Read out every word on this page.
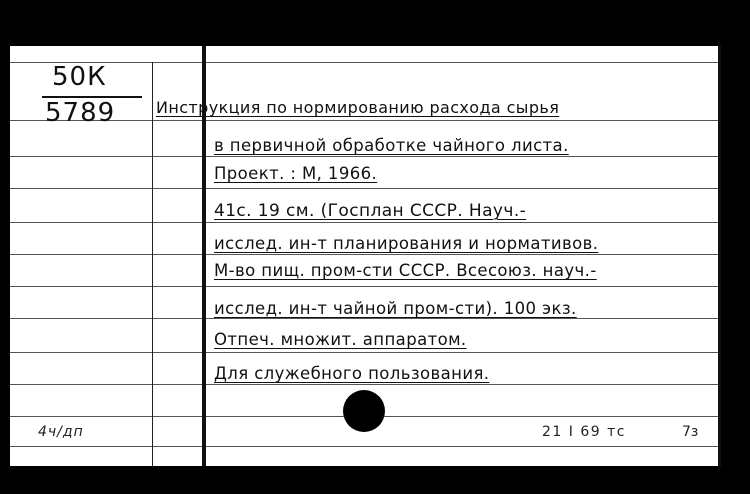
50К
5789	Инструкция по нормированию расхода сырья
в первичной обработке чайного листа.
Проект. : М, 1966.
41с. 19 см. (Госплан СССР. Науч.-
исслед. ин-т планирования и нормативов.
М-во пищ. пром-сти СССР. Всесоюз. науч.-
исслед. ин-т чайной пром-сти). 100 экз.
Отпеч. множит. аппаратом.
Для служебного пользования.
4ч/дп	21 I 69 тс	7з
